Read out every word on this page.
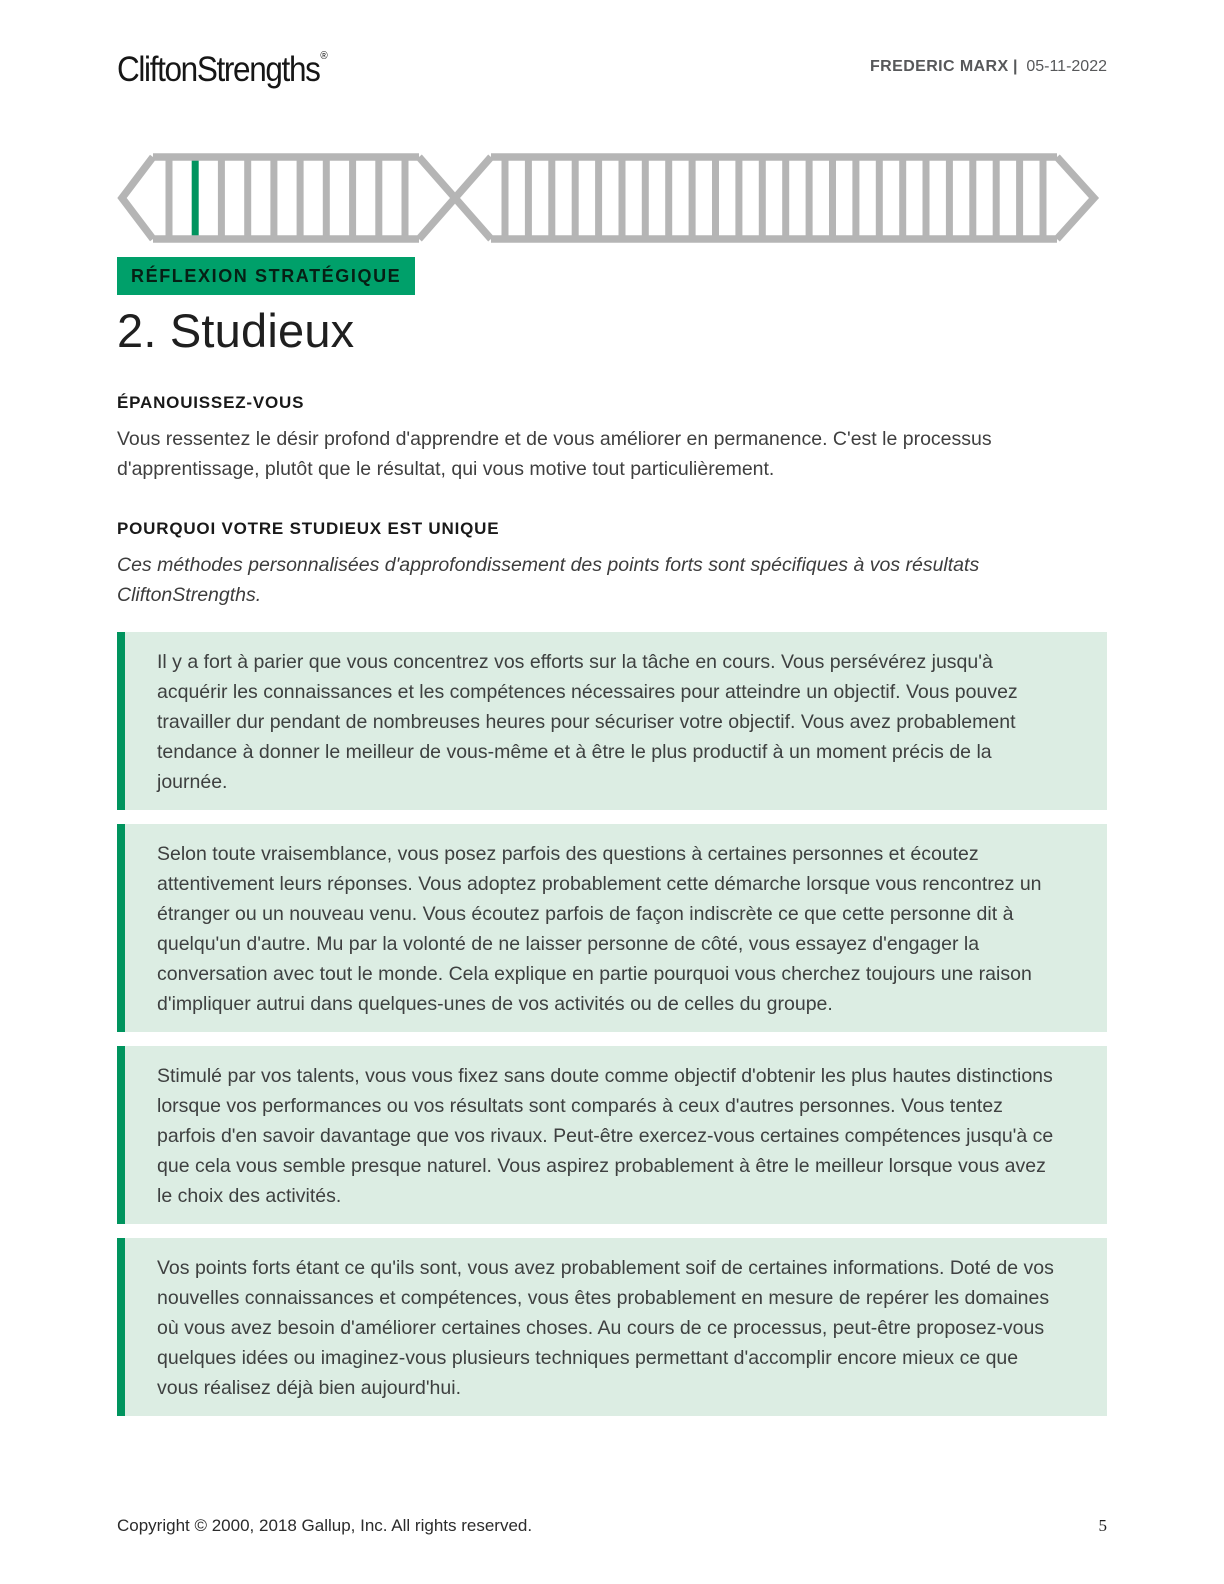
CliftonStrengths®
FREDERIC MARX | 05-11-2022
RÉFLEXION STRATÉGIQUE
2. Studieux
ÉPANOUISSEZ-VOUS

Vous ressentez le désir profond d'apprendre et de vous améliorer en permanence. C'est le processus d'apprentissage, plutôt que le résultat, qui vous motive tout particulièrement.

POURQUOI VOTRE STUDIEUX EST UNIQUE

Ces méthodes personnalisées d'approfondissement des points forts sont spécifiques à vos résultats CliftonStrengths.

Il y a fort à parier que vous concentrez vos efforts sur la tâche en cours. Vous persévérez jusqu'à acquérir les connaissances et les compétences nécessaires pour atteindre un objectif. Vous pouvez travailler dur pendant de nombreuses heures pour sécuriser votre objectif. Vous avez probablement tendance à donner le meilleur de vous-même et à être le plus productif à un moment précis de la journée.

Selon toute vraisemblance, vous posez parfois des questions à certaines personnes et écoutez attentivement leurs réponses. Vous adoptez probablement cette démarche lorsque vous rencontrez un étranger ou un nouveau venu. Vous écoutez parfois de façon indiscrète ce que cette personne dit à quelqu'un d'autre. Mu par la volonté de ne laisser personne de côté, vous essayez d'engager la conversation avec tout le monde. Cela explique en partie pourquoi vous cherchez toujours une raison d'impliquer autrui dans quelques-unes de vos activités ou de celles du groupe.

Stimulé par vos talents, vous vous fixez sans doute comme objectif d'obtenir les plus hautes distinctions lorsque vos performances ou vos résultats sont comparés à ceux d'autres personnes. Vous tentez parfois d'en savoir davantage que vos rivaux. Peut-être exercez-vous certaines compétences jusqu'à ce que cela vous semble presque naturel. Vous aspirez probablement à être le meilleur lorsque vous avez le choix des activités.

Vos points forts étant ce qu'ils sont, vous avez probablement soif de certaines informations. Doté de vos nouvelles connaissances et compétences, vous êtes probablement en mesure de repérer les domaines où vous avez besoin d'améliorer certaines choses. Au cours de ce processus, peut-être proposez-vous quelques idées ou imaginez-vous plusieurs techniques permettant d'accomplir encore mieux ce que vous réalisez déjà bien aujourd'hui.

Copyright © 2000, 2018 Gallup, Inc. All rights reserved.	5
